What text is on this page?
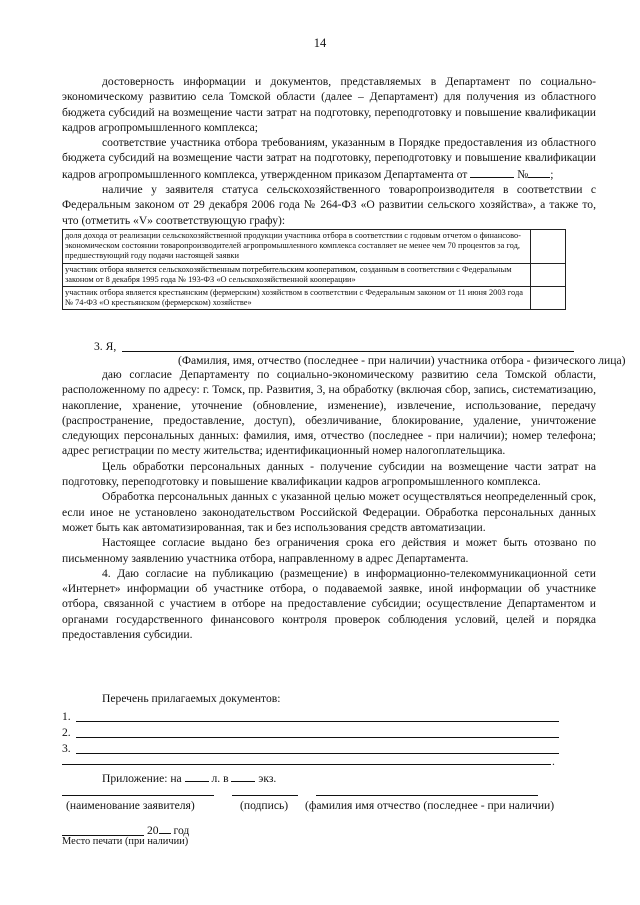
14

достоверность информации и документов, представляемых в Департамент по социально-экономическому развитию села Томской области (далее – Департамент) для получения из областного бюджета субсидий на возмещение части затрат на подготовку, переподготовку и повышение квалификации кадров агропромышленного комплекса;

соответствие участника отбора требованиям, указанным в Порядке предоставления из областного бюджета субсидий на возмещение части затрат на подготовку, переподготовку и повышение квалификации кадров агропромышленного комплекса, утвержденном приказом Департамента от	№ ;

наличие у заявителя статуса сельскохозяйственного товаропроизводителя в соответствии с Федеральным законом от 29 декабря 2006 года № 264-ФЗ «О развитии сельского хозяйства», а также то, что (отметить «V» соответствующую графу):

доля дохода от реализации сельскохозяйственной продукции участника отбора в соответствии с годовым отчетом о финансово-экономическом состоянии товаропроизводителей агропромышленного комплекса составляет не менее чем 70 процентов за год, предшествующий году подачи настоящей заявки	
участник отбора является сельскохозяйственным потребительским кооперативом, созданным в соответствии с Федеральным законом от 8 декабря 1995 года № 193-ФЗ «О сельскохозяйственной кооперации»	
участник отбора является крестьянским (фермерским) хозяйством в соответствии с Федеральным законом от 11 июня 2003 года № 74-ФЗ «О крестьянском (фермерском) хозяйстве»	
3. Я,
(Фамилия, имя, отчество (последнее - при наличии) участника отбора - физического лица)

даю согласие Департаменту по социально-экономическому развитию села Томской области, расположенному по адресу: г. Томск, пр. Развития, 3, на обработку (включая сбор, запись, систематизацию, накопление, хранение, уточнение (обновление, изменение), извлечение, использование, передачу (распространение, предоставление, доступ), обезличивание, блокирование, удаление, уничтожение следующих персональных данных: фамилия, имя, отчество (последнее - при наличии); номер телефона; адрес регистрации по месту жительства; идентификационный номер налогоплательщика.

Цель обработки персональных данных - получение субсидии на возмещение части затрат на подготовку, переподготовку и повышение квалификации кадров агропромышленного комплекса.

Обработка персональных данных с указанной целью может осуществляться неопределенный срок, если иное не установлено законодательством Российской Федерации. Обработка персональных данных может быть как автоматизированная, так и без использования средств автоматизации.

Настоящее согласие выдано без ограничения срока его действия и может быть отозвано по письменному заявлению участника отбора, направленному в адрес Департамента.

4. Даю согласие на публикацию (размещение) в информационно-телекоммуникационной сети «Интернет» информации об участнике отбора, о подаваемой заявке, иной информации об участнике отбора, связанной с участием в отборе на предоставление субсидии; осуществление Департаментом и органами государственного финансового контроля проверок соблюдения условий, целей и порядка предоставления субсидии.

Перечень прилагаемых документов:
1.
2.
3.
.
Приложение: на	л. в	экз.
(наименование заявителя)	(подпись) (фамилия имя отчество (последнее - при наличии)
20 год
Место печати (при наличии)
